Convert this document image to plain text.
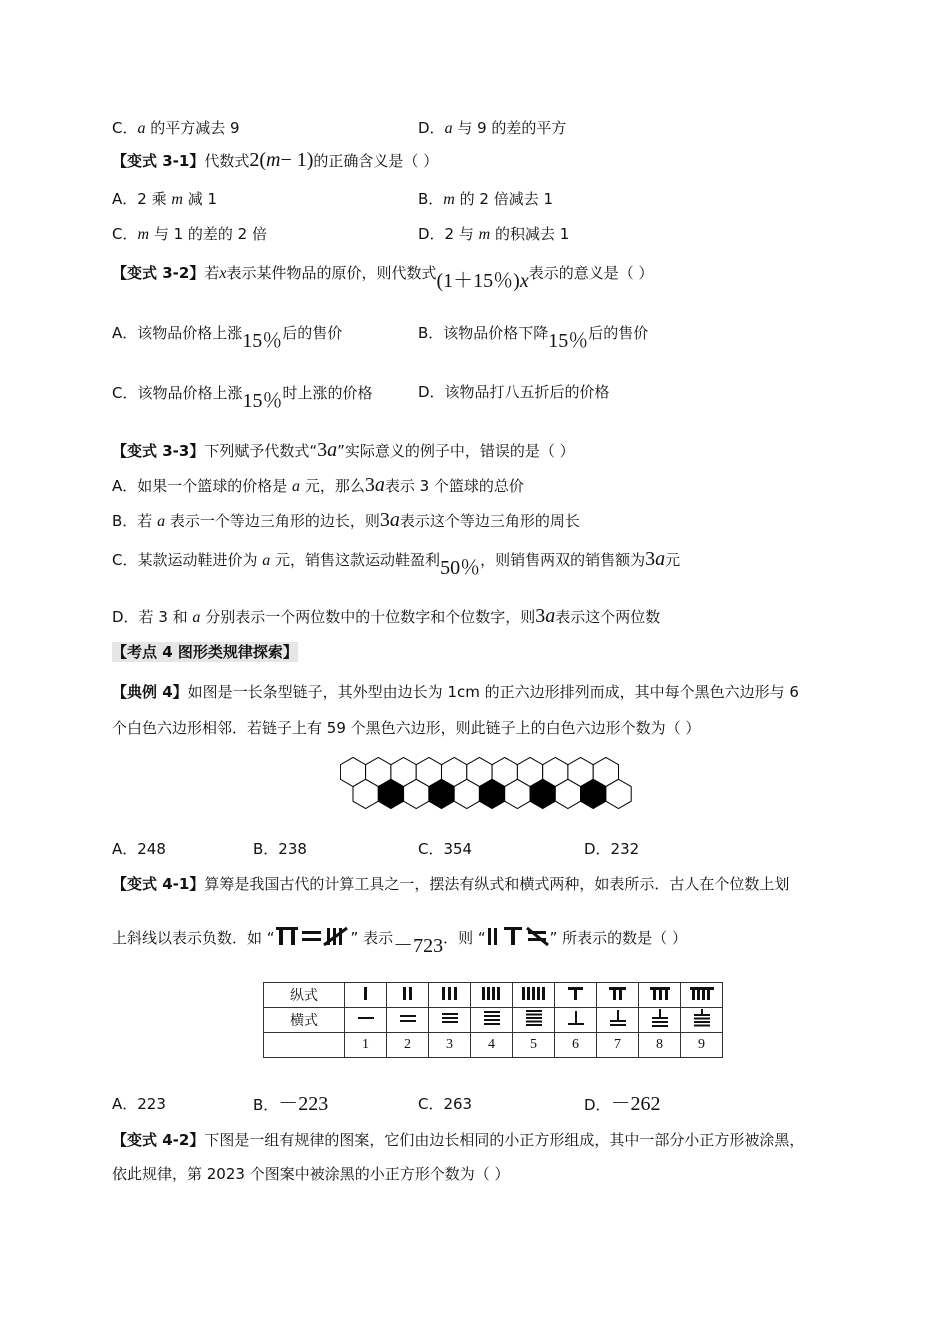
C．a 的平方减去 9	D．a 与 9 的差的平方
【变式 3-1】代数式2(m− 1)的正确含义是（ ）
A．2 乘 m 减 1	B．m 的 2 倍减去 1
C．m 与 1 的差的 2 倍	D．2 与 m 的积减去 1
【变式 3-2】若x表示某件物品的原价，则代数式(1＋15％)x表示的意义是（ ）
A．该物品价格上涨15％后的售价	B．该物品价格下降15％后的售价
C．该物品价格上涨15％时上涨的价格	D．该物品打八五折后的价格
【变式 3-3】下列赋予代数式“3a”实际意义的例子中，错误的是（ ）
A．如果一个篮球的价格是 a 元，那么3a表示 3 个篮球的总价
B．若 a 表示一个等边三角形的边长，则3a表示这个等边三角形的周长
C．某款运动鞋进价为 a 元，销售这款运动鞋盈利50％，则销售两双的销售额为3a元
D．若 3 和 a 分别表示一个两位数中的十位数字和个位数字，则3a表示这个两位数
【考点 4 图形类规律探索】
【典例 4】如图是一长条型链子，其外型由边长为 1cm 的正六边形排列而成，其中每个黑色六边形与 6
个白色六边形相邻．若链子上有 59 个黑色六边形，则此链子上的白色六边形个数为（ ）
A．248	B．238	C．354	D．232
【变式 4-1】算筹是我国古代的计算工具之一，摆法有纵式和横式两种，如表所示．古人在个位数上划
上斜线以表示负数．如 “	” 表示－723．则 “	” 所表示的数是（ ）
纵式									
横式									
	1	2	3	4	5	6	7	8	9
A．223	B．－223	C．263	D．－262
【变式 4-2】下图是一组有规律的图案，它们由边长相同的小正方形组成，其中一部分小正方形被涂黑，
依此规律，第 2023 个图案中被涂黑的小正方形个数为（ ）
